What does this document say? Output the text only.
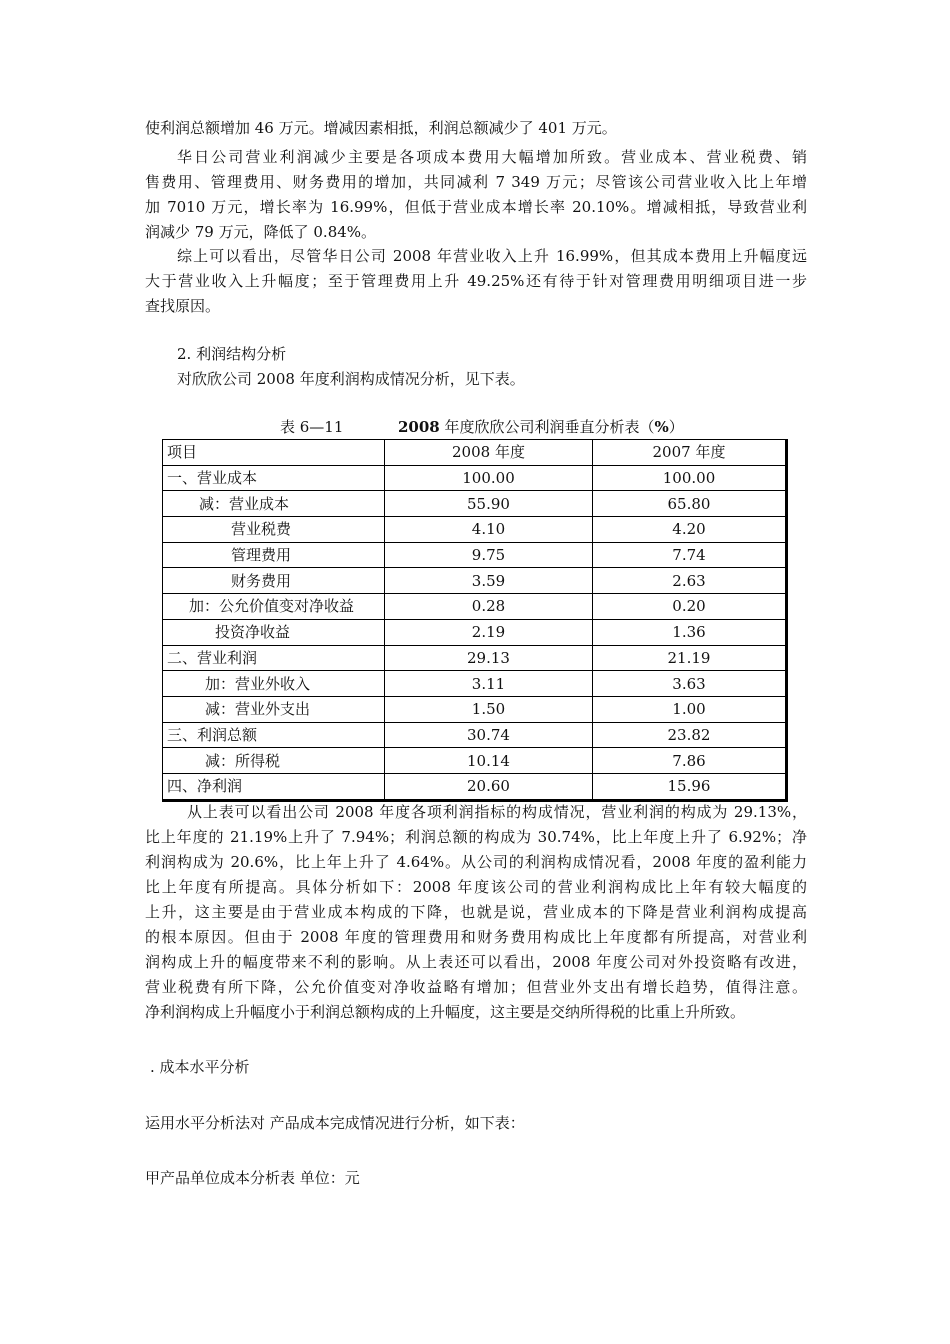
使利润总额增加 46 万元。增减因素相抵，利润总额减少了 401 万元。
华日公司营业利润减少主要是各项成本费用大幅增加所致。营业成本、营业税费、销
售费用、管理费用、财务费用的增加，共同减利 7 349 万元；尽管该公司营业收入比上年增
加 7010 万元，增长率为 16.99%，但低于营业成本增长率 20.10%。增减相抵，导致营业利
润减少 79 万元，降低了 0.84%。
综上可以看出，尽管华日公司 2008 年营业收入上升 16.99%，但其成本费用上升幅度远
大于营业收入上升幅度；至于管理费用上升 49.25%还有待于针对管理费用明细项目进一步
查找原因。
2. 利润结构分析
对欣欣公司 2008 年度利润构成情况分析，见下表。
表 6—11	2008 年度欣欣公司利润垂直分析表（%）
项目	2008 年度	2007 年度
一、营业成本	100.00	100.00
减：营业成本	55.90	65.80
营业税费	4.10	4.20
管理费用	9.75	7.74
财务费用	3.59	2.63
加：公允价值变对净收益	0.28	0.20
投资净收益	2.19	1.36
二、营业利润	29.13	21.19
加：营业外收入	3.11	3.63
减：营业外支出	1.50	1.00
三、利润总额	30.74	23.82
减：所得税	10.14	7.86
四、净利润	20.60	15.96
从上表可以看出公司 2008 年度各项利润指标的构成情况，营业利润的构成为 29.13%，
比上年度的 21.19%上升了 7.94%；利润总额的构成为 30.74%，比上年度上升了 6.92%；净
利润构成为 20.6%，比上年上升了 4.64%。从公司的利润构成情况看，2008 年度的盈利能力
比上年度有所提高。具体分析如下：2008 年度该公司的营业利润构成比上年有较大幅度的
上升，这主要是由于营业成本构成的下降，也就是说，营业成本的下降是营业利润构成提高
的根本原因。但由于 2008 年度的管理费用和财务费用构成比上年度都有所提高，对营业利
润构成上升的幅度带来不利的影响。从上表还可以看出，2008 年度公司对外投资略有改进，
营业税费有所下降，公允价值变对净收益略有增加；但营业外支出有增长趋势，值得注意。
净利润构成上升幅度小于利润总额构成的上升幅度，这主要是交纳所得税的比重上升所致。
. 成本水平分析
运用水平分析法对 产品成本完成情况进行分析，如下表：
甲产品单位成本分析表 单位：元
